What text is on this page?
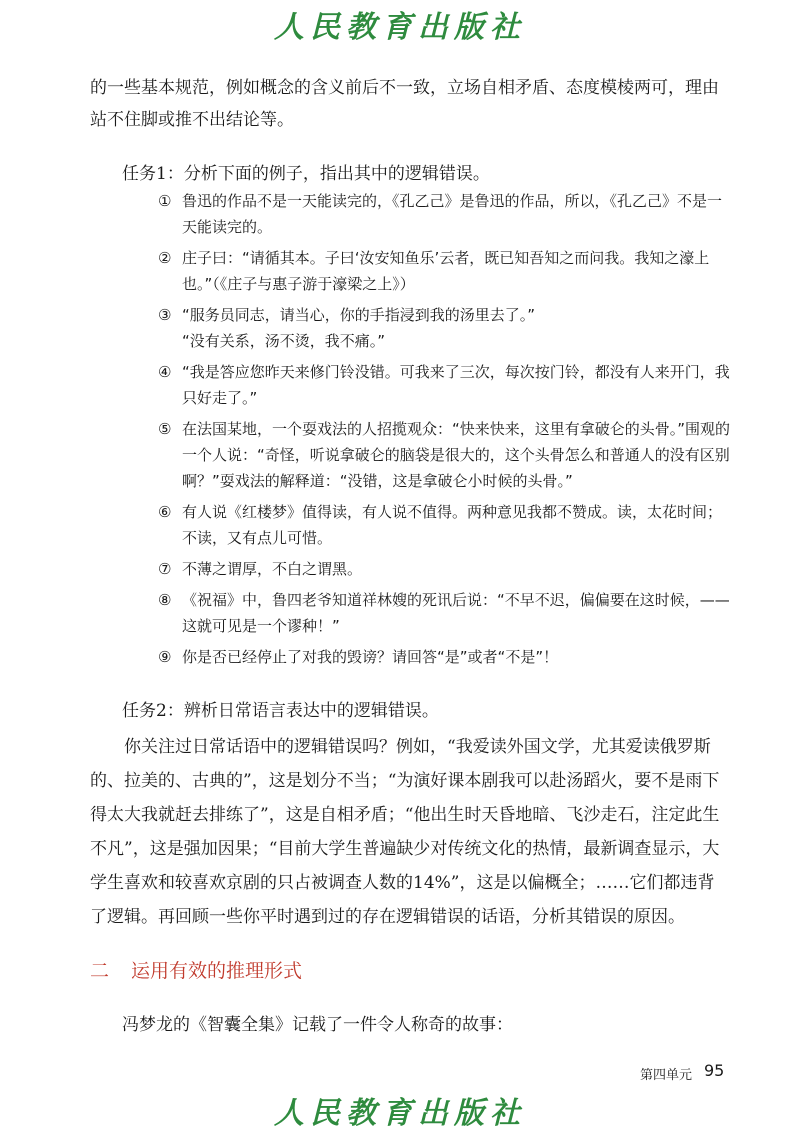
人民教育出版社
的一些基本规范，例如概念的含义前后不一致，立场自相矛盾、态度模棱两可，理由站不住脚或推不出结论等。
任务1：分析下面的例子，指出其中的逻辑错误。
① 鲁迅的作品不是一天能读完的，《孔乙己》是鲁迅的作品，所以，《孔乙己》不是一天能读完的。
② 庄子曰：“请循其本。子曰‘汝安知鱼乐’云者，既已知吾知之而问我。我知之濠上也。”（《庄子与惠子游于濠梁之上》）
③ “服务员同志，请当心，你的手指浸到我的汤里去了。”
“没有关系，汤不烫，我不痛。”
④ “我是答应您昨天来修门铃没错。可我来了三次，每次按门铃，都没有人来开门，我只好走了。”
⑤ 在法国某地，一个耍戏法的人招揽观众：“快来快来，这里有拿破仑的头骨。”围观的一个人说：“奇怪，听说拿破仑的脑袋是很大的，这个头骨怎么和普通人的没有区别啊？”耍戏法的解释道：“没错，这是拿破仑小时候的头骨。”
⑥ 有人说《红楼梦》值得读，有人说不值得。两种意见我都不赞成。读，太花时间；不读，又有点儿可惜。
⑦ 不薄之谓厚，不白之谓黑。
⑧ 《祝福》中，鲁四老爷知道祥林嫂的死讯后说：“不早不迟，偏偏要在这时候，——这就可见是一个谬种！”
⑨ 你是否已经停止了对我的毁谤？请回答“是”或者“不是”！
任务2：辨析日常语言表达中的逻辑错误。
你关注过日常话语中的逻辑错误吗？例如，“我爱读外国文学，尤其爱读俄罗斯的、拉美的、古典的”，这是划分不当；“为演好课本剧我可以赴汤蹈火，要不是雨下得太大我就赶去排练了”，这是自相矛盾；“他出生时天昏地暗、飞沙走石，注定此生不凡”，这是强加因果；“目前大学生普遍缺少对传统文化的热情，最新调查显示，大学生喜欢和较喜欢京剧的只占被调查人数的14%”，这是以偏概全；……它们都违背了逻辑。再回顾一些你平时遇到过的存在逻辑错误的话语，分析其错误的原因。
二 运用有效的推理形式
冯梦龙的《智囊全集》记载了一件令人称奇的故事：
第四单元 95
人民教育出版社
